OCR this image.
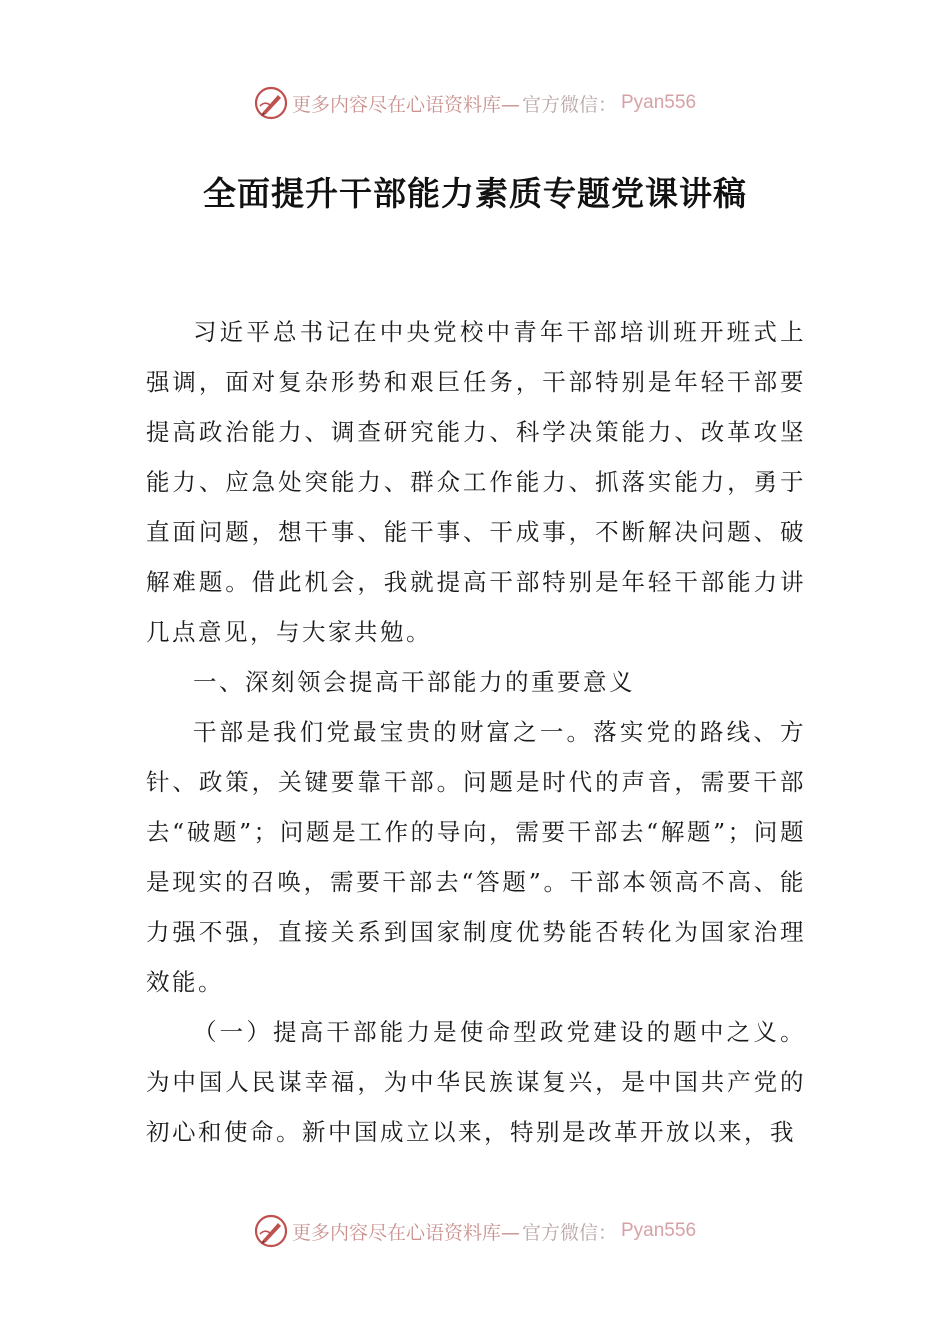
更多内容尽在心语资料库— 官方微信： Pyan556
全面提升干部能力素质专题党课讲稿

习近平总书记在中央党校中青年干部培训班开班式上强调，面对复杂形势和艰巨任务，干部特别是年轻干部要提高政治能力、调查研究能力、科学决策能力、改革攻坚能力、应急处突能力、群众工作能力、抓落实能力，勇于直面问题，想干事、能干事、干成事，不断解决问题、破解难题。借此机会，我就提高干部特别是年轻干部能力讲几点意见，与大家共勉。

一、深刻领会提高干部能力的重要意义

干部是我们党最宝贵的财富之一。落实党的路线、方针、政策，关键要靠干部。问题是时代的声音，需要干部去“破题”；问题是工作的导向，需要干部去“解题”；问题是现实的召唤，需要干部去“答题”。干部本领高不高、能力强不强，直接关系到国家制度优势能否转化为国家治理效能。

（一）提高干部能力是使命型政党建设的题中之义。为中国人民谋幸福，为中华民族谋复兴，是中国共产党的初心和使命。新中国成立以来，特别是改革开放以来，我

更多内容尽在心语资料库— 官方微信： Pyan556
